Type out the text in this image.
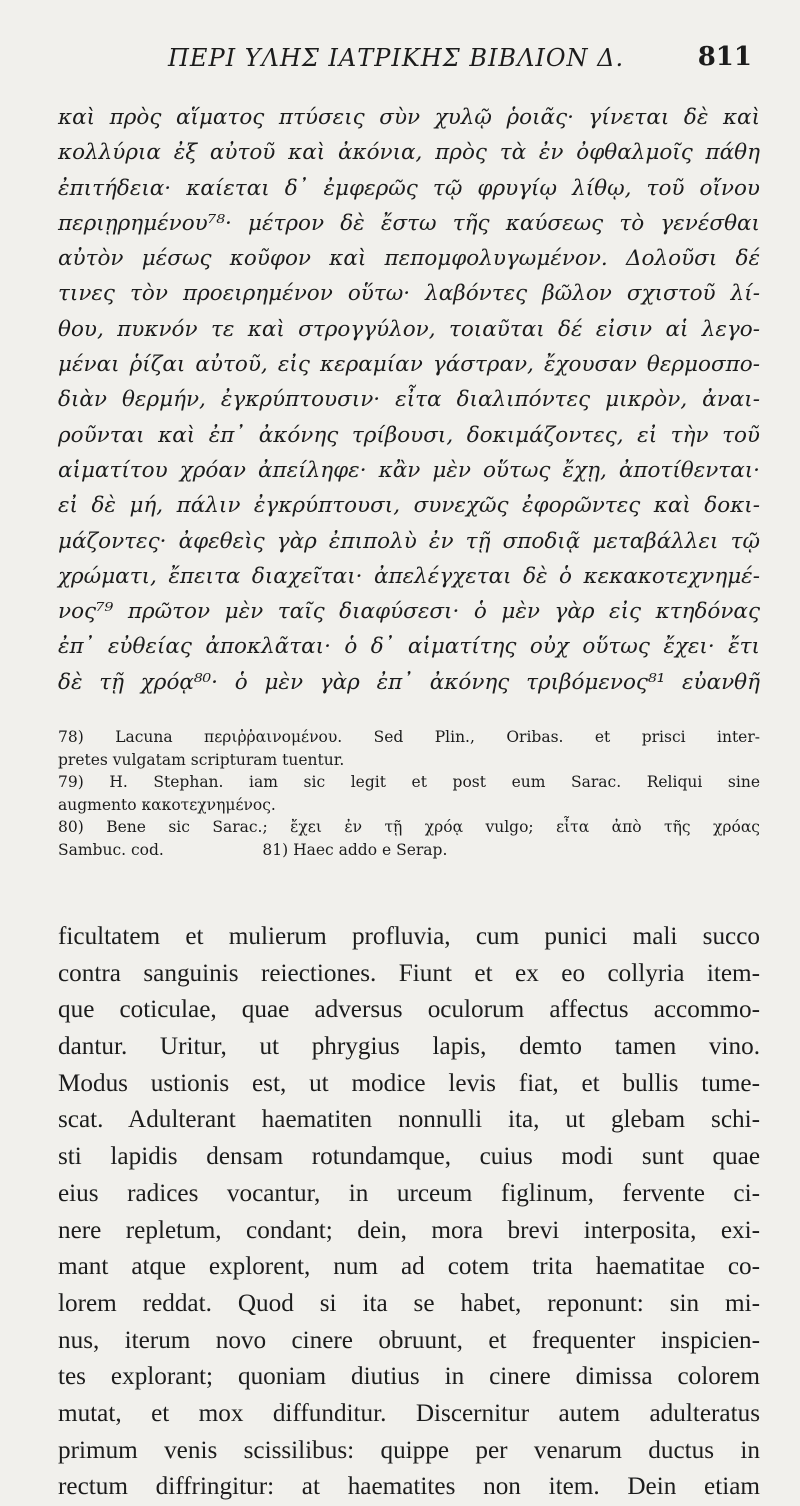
ΠΕΡΙ ΥΛΗΣ ΙΑΤΡΙΚΗΣ ΒΙΒΛΙΟΝ Δ.	811
καὶ πρὸς αἵματος πτύσεις σὺν χυλῷ ῥοιᾶς· γίνεται δὲ καὶ
κολλύρια ἐξ αὐτοῦ καὶ ἀκόνια, πρὸς τὰ ἐν ὀφθαλμοῖς πάθη
ἐπιτήδεια· καίεται δ᾽ ἐμφερῶς τῷ φρυγίῳ λίθῳ, τοῦ οἴνου
περιῃρημένου⁷⁸· μέτρον δὲ ἔστω τῆς καύσεως τὸ γενέσθαι
αὐτὸν μέσως κοῦφον καὶ πεπομφολυγωμένον. Δολοῦσι δέ
τινες τὸν προειρημένον οὕτω· λαβόντες βῶλον σχιστοῦ λί-
θου, πυκνόν τε καὶ στρογγύλον, τοιαῦται δέ εἰσιν αἱ λεγο-
μέναι ῥίζαι αὐτοῦ, εἰς κεραμίαν γάστραν, ἔχουσαν θερμοσπο-
διὰν θερμήν, ἐγκρύπτουσιν· εἶτα διαλιπόντες μικρὸν, ἀναι-
ροῦνται καὶ ἐπ᾽ ἀκόνης τρίβουσι, δοκιμάζοντες, εἰ τὴν τοῦ
αἱματίτου χρόαν ἀπείληφε· κἂν μὲν οὕτως ἔχῃ, ἀποτίθενται·
εἰ δὲ μή, πάλιν ἐγκρύπτουσι, συνεχῶς ἐφορῶντες καὶ δοκι-
μάζοντες· ἀφεθεὶς γὰρ ἐπιπολὺ ἐν τῇ σποδιᾷ μεταβάλλει τῷ
χρώματι, ἔπειτα διαχεῖται· ἀπελέγχεται δὲ ὁ κεκακοτεχνημέ-
νος⁷⁹ πρῶτον μὲν ταῖς διαφύσεσι· ὁ μὲν γὰρ εἰς κτηδόνας
ἐπ᾽ εὐθείας ἀποκλᾶται· ὁ δ᾽ αἱματίτης οὐχ οὕτως ἔχει· ἔτι
δὲ τῇ χρόᾳ⁸⁰· ὁ μὲν γὰρ ἐπ᾽ ἀκόνης τριβόμενος⁸¹ εὐανθῆ
78) Lacuna περιῤῥαινομένου. Sed Plin., Oribas. et prisci inter-
pretes vulgatam scripturam tuentur.
79) H. Stephan. iam sic legit et post eum Sarac. Reliqui sine
augmento κακοτεχνημένος.
80) Bene sic Sarac.; ἔχει ἐν τῇ χρόᾳ vulgo; εἶτα ἀπὸ τῆς χρόας
Sambuc. cod.                    81) Haec addo e Serap.
ficultatem et mulierum profluvia, cum punici mali succo
contra sanguinis reiectiones. Fiunt et ex eo collyria item-
que coticulae, quae adversus oculorum affectus accommo-
dantur. Uritur, ut phrygius lapis, demto tamen vino.
Modus ustionis est, ut modice levis fiat, et bullis tume-
scat. Adulterant haematiten nonnulli ita, ut glebam schi-
sti lapidis densam rotundamque, cuius modi sunt quae
eius radices vocantur, in urceum figlinum, fervente ci-
nere repletum, condant; dein, mora brevi interposita, exi-
mant atque explorent, num ad cotem trita haematitae co-
lorem reddat. Quod si ita se habet, reponunt: sin mi-
nus, iterum novo cinere obruunt, et frequenter inspicien-
tes explorant; quoniam diutius in cinere dimissa colorem
mutat, et mox diffunditur. Discernitur autem adulteratus
primum venis scissilibus: quippe per venarum ductus in
rectum diffringitur: at haematites non item. Dein etiam
